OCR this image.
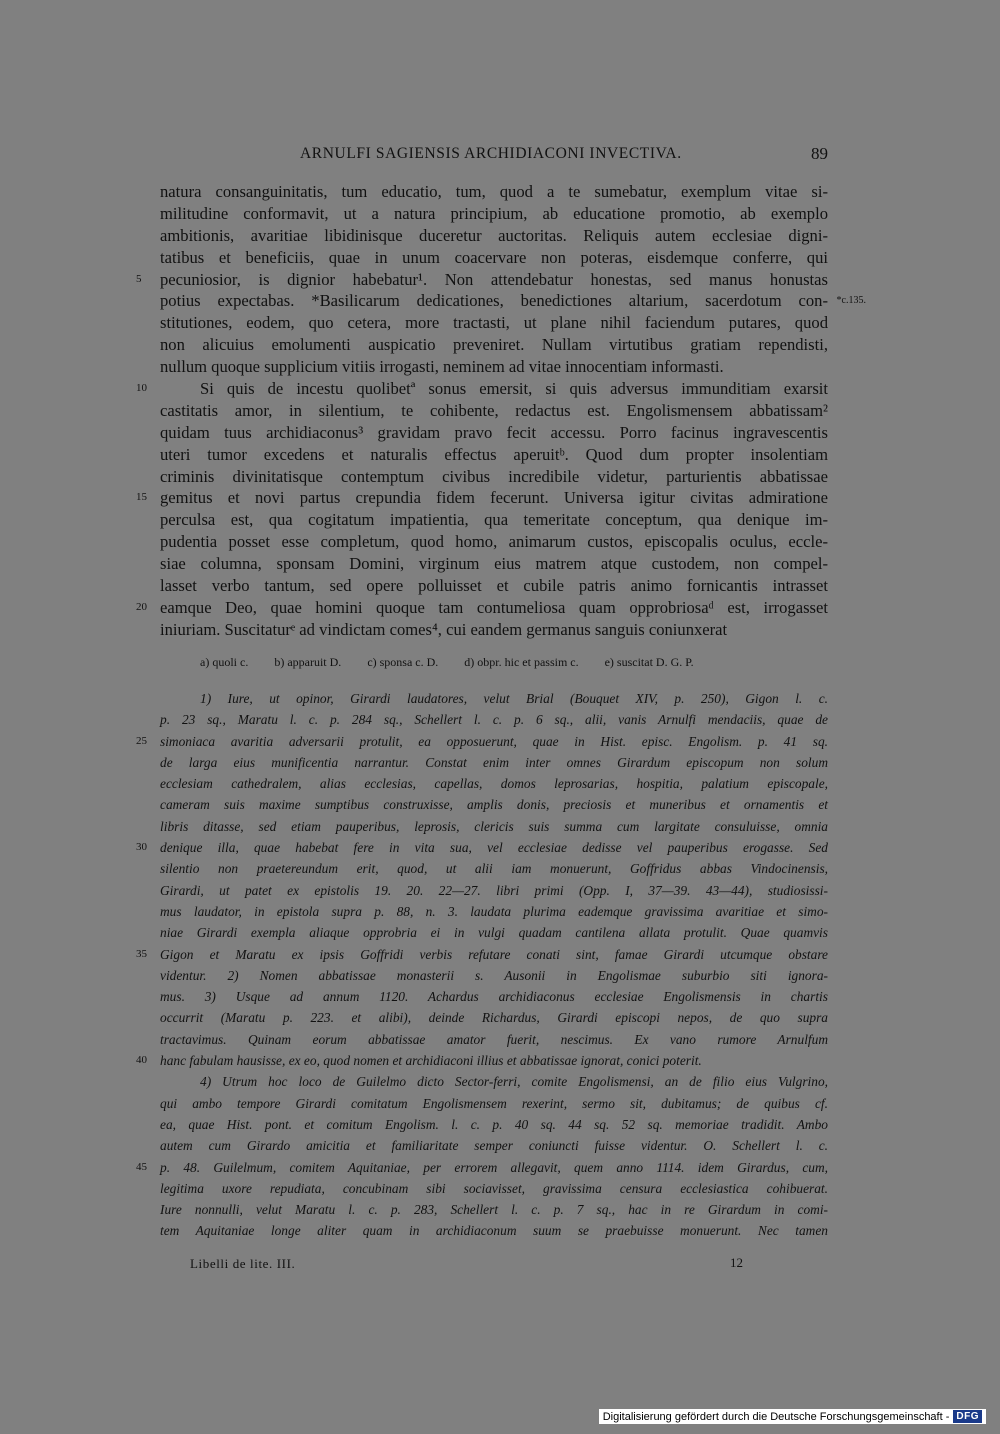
ARNULFI SAGIENSIS ARCHIDIACONI INVECTIVA.	89
natura consanguinitatis, tum educatio, tum, quod a te sumebatur, exemplum vitae si-
militudine conformavit, ut a natura principium, ab educatione promotio, ab exemplo
ambitionis, avaritiae libidinisque duceretur auctoritas. Reliquis autem ecclesiae digni-
tatibus et beneficiis, quae in unum coacervare non poteras, eisdemque conferre, qui
5 pecuniosior, is dignior habebatur¹. Non attendebatur honestas, sed manus honustas
potius expectabas. *Basilicarum dedicationes, benedictiones altarium, sacerdotum con- *c.135.
stitutiones, eodem, quo cetera, more tractasti, ut plane nihil faciendum putares, quod
non alicuius emolumenti auspicatio preveniret. Nullam virtutibus gratiam rependisti,
nullum quoque supplicium vitiis irrogasti, neminem ad vitae innocentiam informasti.
10	Si quis de incestu quolibetª sonus emersit, si quis adversus immunditiam exarsit
castitatis amor, in silentium, te cohibente, redactus est. Engolismensem abbatissam²
quidam tuus archidiaconus³ gravidam pravo fecit accessu. Porro facinus ingravescentis
uteri tumor excedens et naturalis effectus aperuitᵇ. Quod dum propter insolentiam
criminis divinitatisque contemptum civibus incredibile videtur, parturientis abbatissae
15 gemitus et novi partus crepundia fidem fecerunt. Universa igitur civitas admiratione
perculsa est, qua cogitatum impatientia, qua temeritate conceptum, qua denique im-
pudentia posset esse completum, quod homo, animarum custos, episcopalis oculus, eccle-
siae columna, sponsam Domini, virginum eius matrem atque custodem, non compel-
lasset verbo tantum, sed opere polluisset et cubile patris animo fornicantis intrasset
20 eamque Deo, quae homini quoque tam contumeliosa quam opprobriosaᵈ est, irrogasset
iniuriam. Suscitaturᵉ ad vindictam comes⁴, cui eandem germanus sanguis coniunxerat
a) quoli c. b) apparuit D. c) sponsa c. D. d) obpr. hic et passim c. e) suscitat D. G. P.
1) Iure, ut opinor, Girardi laudatores, velut Brial (Bouquet XIV, p. 250), Gigon l. c.
p. 23 sq., Maratu l. c. p. 284 sq., Schellert l. c. p. 6 sq., alii, vanis Arnulfi mendaciis, quae de
25 simoniaca avaritia adversarii protulit, ea opposuerunt, quae in Hist. episc. Engolism. p. 41 sq.
de larga eius munificentia narrantur. Constat enim inter omnes Girardum episcopum non solum
ecclesiam cathedralem, alias ecclesias, capellas, domos leprosarias, hospitia, palatium episcopale,
cameram suis maxime sumptibus construxisse, amplis donis, preciosis et muneribus et ornamentis et
libris ditasse, sed etiam pauperibus, leprosis, clericis suis summa cum largitate consuluisse, omnia
30 denique illa, quae habebat fere in vita sua, vel ecclesiae dedisse vel pauperibus erogasse. Sed
silentio non praetereundum erit, quod, ut alii iam monuerunt, Goffridus abbas Vindocinensis,
Girardi, ut patet ex epistolis 19. 20. 22—27. libri primi (Opp. I, 37—39. 43—44), studiosissi-
mus laudator, in epistola supra p. 88, n. 3. laudata plurima eademque gravissima avaritiae et simo-
niae Girardi exempla aliaque opprobria ei in vulgi quadam cantilena allata protulit. Quae quamvis
35 Gigon et Maratu ex ipsis Goffridi verbis refutare conati sint, famae Girardi utcumque obstare
videntur. 2) Nomen abbatissae monasterii s. Ausonii in Engolismae suburbio siti ignora-
mus. 3) Usque ad annum 1120. Achardus archidiaconus ecclesiae Engolismensis in chartis
occurrit (Maratu p. 223. et alibi), deinde Richardus, Girardi episcopi nepos, de quo supra
tractavimus. Quinam eorum abbatissae amator fuerit, nescimus. Ex vano rumore Arnulfum
40 hanc fabulam hausisse, ex eo, quod nomen et archidiaconi illius et abbatissae ignorat, conici poterit.
4) Utrum hoc loco de Guilelmo dicto Sector-ferri, comite Engolismensi, an de filio eius Vulgrino,
qui ambo tempore Girardi comitatum Engolismensem rexerint, sermo sit, dubitamus; de quibus cf.
ea, quae Hist. pont. et comitum Engolism. l. c. p. 40 sq. 44 sq. 52 sq. memoriae tradidit. Ambo
autem cum Girardo amicitia et familiaritate semper coniuncti fuisse videntur. O. Schellert l. c.
45 p. 48. Guilelmum, comitem Aquitaniae, per errorem allegavit, quem anno 1114. idem Girardus, cum,
legitima uxore repudiata, concubinam sibi sociavisset, gravissima censura ecclesiastica cohibuerat.
Iure nonnulli, velut Maratu l. c. p. 283, Schellert l. c. p. 7 sq., hac in re Girardum in comi-
tem Aquitaniae longe aliter quam in archidiaconum suum se praebuisse monuerunt. Nec tamen
Libelli de lite. III.	12
Digitalisierung gefördert durch die Deutsche Forschungsgemeinschaft - DFG
